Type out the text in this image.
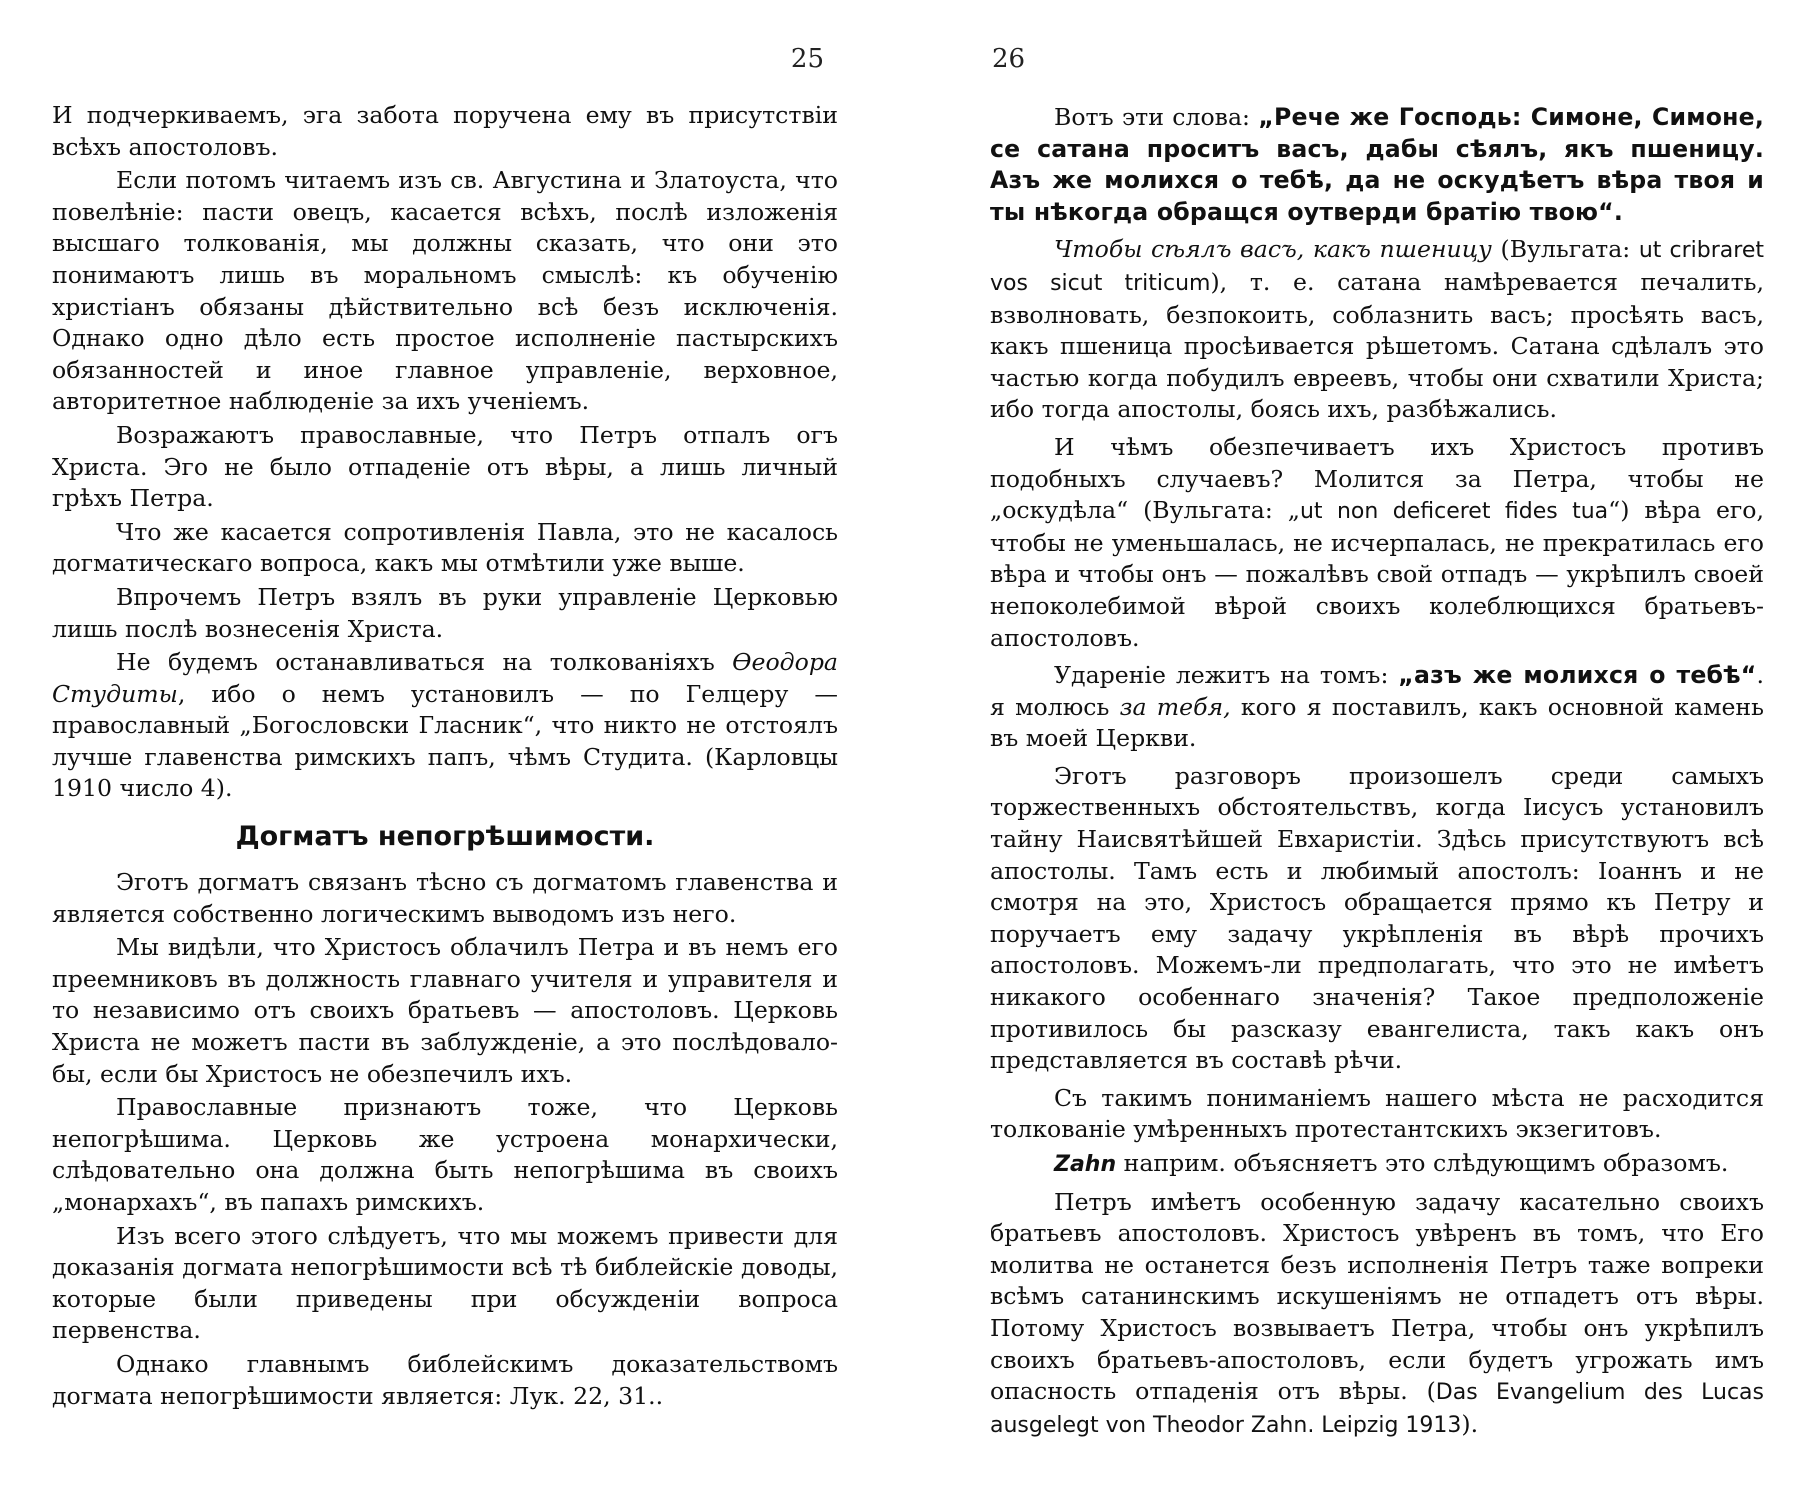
25

И подчеркиваемъ, эга забота поручена ему въ присутствіи всѣхъ апостоловъ.

Если потомъ читаемъ изъ св. Августина и Златоуста, что повелѣніе: пасти овецъ, касается всѣхъ, послѣ изложенія высшаго толкованія, мы должны сказать, что они это понимаютъ лишь въ моральномъ смыслѣ: къ обученію христіанъ обязаны дѣйствительно всѣ безъ исключенія. Однако одно дѣло есть простое исполненіе пастырскихъ обязанностей и иное главное управленіе, верховное, авторитетное наблюденіе за ихъ ученіемъ.

Возражаютъ православные, что Петръ отпалъ огъ Христа. Эго не было отпаденіе отъ вѣры, а лишь личный грѣхъ Петра.

Что же касается сопротивленія Павла, это не касалось догматическаго вопроса, какъ мы отмѣтили уже выше.

Впрочемъ Петръ взялъ въ руки управленіе Церковью лишь послѣ вознесенія Христа.

Не будемъ останавливаться на толкованіяхъ Өеодора Студиты, ибо о немъ установилъ — по Гелцеру — православный „Богословски Гласник“, что никто не отстоялъ лучше главенства римскихъ папъ, чѣмъ Студита. (Карловцы 1910 число 4).

Догматъ непогрѣшимости.

Эготъ догматъ связанъ тѣсно съ догматомъ главенства и является собственно логическимъ выводомъ изъ него.

Мы видѣли, что Христосъ облачилъ Петра и въ немъ его преемниковъ въ должность главнаго учителя и управителя и то независимо отъ своихъ братьевъ — апостоловъ. Церковь Христа не можетъ пасти въ заблужденіе, а это послѣдовало-бы, если бы Христосъ не обезпечилъ ихъ.

Православные признаютъ тоже, что Церковь непогрѣшима. Церковь же устроена монархически, слѣдовательно она должна быть непогрѣшима въ своихъ „монархахъ“, въ папахъ римскихъ.

Изъ всего этого слѣдуетъ, что мы можемъ привести для доказанія догмата непогрѣшимости всѣ тѣ библейскіе доводы, которые были приведены при обсужденіи вопроса первенства.

Однако главнымъ библейскимъ доказательствомъ догмата непогрѣшимости является: Лук. 22, 31..

26

Вотъ эти слова: „Рече же Господь: Симоне, Симоне, се сатана проситъ васъ, дабы сѣялъ, якъ пшеницу. Азъ же молихся о тебѣ, да не оскудѣетъ вѣра твоя и ты нѣкогда обращся оутверди братію твою“.

Чтобы сѣялъ васъ, какъ пшеницу (Вульгата: ut cribraret vos sicut triticum), т. е. сатана намѣревается печалить, взволновать, безпокоить, соблазнить васъ; просѣять васъ, какъ пшеница просѣивается рѣшетомъ. Сатана сдѣлалъ это частью когда побудилъ евреевъ, чтобы они схватили Христа; ибо тогда апостолы, боясь ихъ, разбѣжались.

И чѣмъ обезпечиваетъ ихъ Христосъ противъ подобныхъ случаевъ? Молится за Петра, чтобы не „оскудѣла“ (Вульгата: „ut non deficeret fides tua“) вѣра его, чтобы не уменьшалась, не исчерпалась, не прекратилась его вѣра и чтобы онъ — пожалѣвъ свой отпадъ — укрѣпилъ своей непоколебимой вѣрой своихъ колеблющихся братьевъ-апостоловъ.

Удареніе лежитъ на томъ: „азъ же молихся о тебѣ“. я молюсь за тебя, кого я поставилъ, какъ основной камень въ моей Церкви.

Эготъ разговоръ произошелъ среди самыхъ торжественныхъ обстоятельствъ, когда Іисусъ установилъ тайну Наисвятѣйшей Евхаристіи. Здѣсь присутствуютъ всѣ апостолы. Тамъ есть и любимый апостолъ: Іоаннъ и не смотря на это, Христосъ обращается прямо къ Петру и поручаетъ ему задачу укрѣпленія въ вѣрѣ прочихъ апостоловъ. Можемъ-ли предполагать, что это не имѣетъ никакого особеннаго значенія? Такое предположеніе противилось бы разсказу евангелиста, такъ какъ онъ представляется въ составѣ рѣчи.

Съ такимъ пониманіемъ нашего мѣста не расходится толкованіе умѣренныхъ протестантскихъ экзегитовъ.

Zahn наприм. объясняетъ это слѣдующимъ образомъ.

Петръ имѣетъ особенную задачу касательно своихъ братьевъ апостоловъ. Христосъ увѣренъ въ томъ, что Его молитва не останется безъ исполненія Петръ таже вопреки всѣмъ сатанинскимъ искушеніямъ не отпадетъ отъ вѣры. Потому Христосъ возвываетъ Петра, чтобы онъ укрѣпилъ своихъ братьевъ-апостоловъ, если будетъ угрожать имъ опасность отпаденія отъ вѣры. (Das Evangelium des Lucas ausgelegt von Theodor Zahn. Leipzig 1913).
